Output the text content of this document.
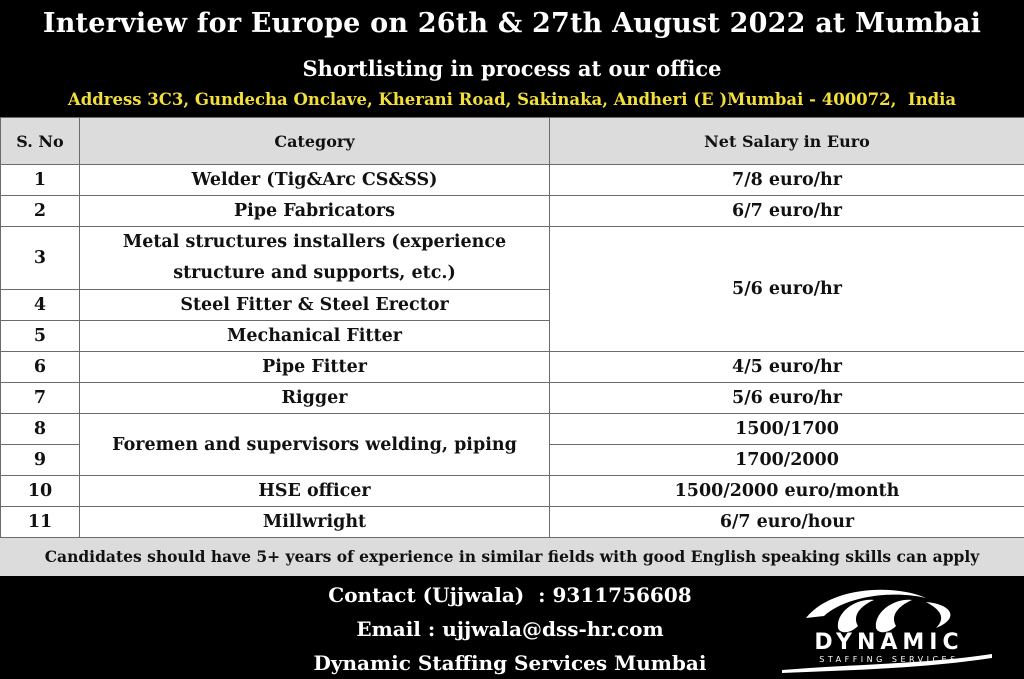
Interview for Europe on 26th & 27th August 2022 at Mumbai
Shortlisting in process at our office
Address 3C3, Gundecha Onclave, Kherani Road, Sakinaka, Andheri (E )Mumbai - 400072,  India
S. No	Category	Net Salary in Euro
1	Welder (Tig&Arc CS&SS)	7/8 euro/hr
2	Pipe Fabricators	6/7 euro/hr
3	Metal structures installers (experience
structure and supports, etc.)	5/6 euro/hr
4	Steel Fitter & Steel Erector	
5	Mechanical Fitter	
6	Pipe Fitter	4/5 euro/hr
7	Rigger	5/6 euro/hr
8	Foremen and supervisors welding, piping	1500/1700
9		1700/2000
10	HSE officer	1500/2000 euro/month
11	Millwright	6/7 euro/hour
Candidates should have 5+ years of experience in similar fields with good English speaking skills can apply
Contact (Ujjwala)  : 9311756608
Email : ujjwala@dss-hr.com
Dynamic Staffing Services Mumbai
DYNAMIC
STAFFING SERVICES
